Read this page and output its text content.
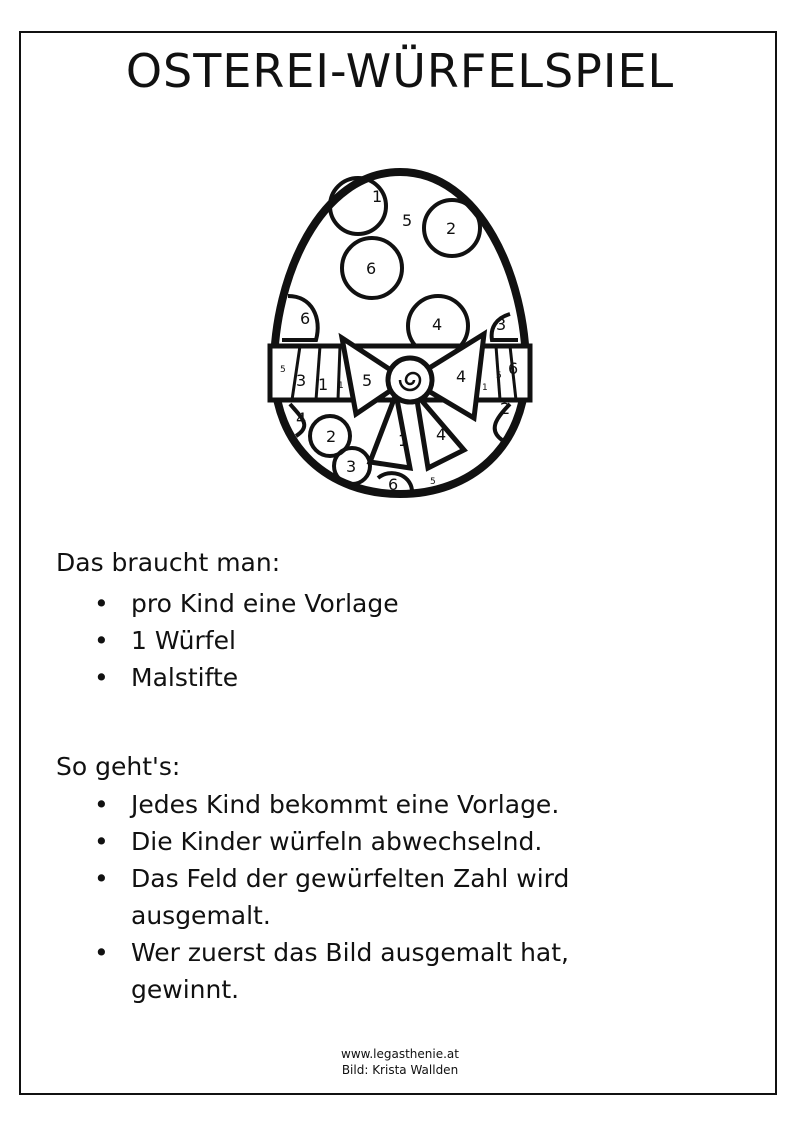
OSTEREI-WÜRFELSPIEL
1
5 2
6
6	4	3
5
3 1 1 5	4
1
5 6
4
2	1 4
3
6	5
2

Das braucht man:

• pro Kind eine Vorlage
• 1 Würfel
• Malstifte

So geht's:

• Jedes Kind bekommt eine Vorlage.
• Die Kinder würfeln abwechselnd.
• Das Feld der gewürfelten Zahl wird ausgemalt.
• Wer zuerst das Bild ausgemalt hat, gewinnt.
www.legasthenie.at
Bild: Krista Wallden
